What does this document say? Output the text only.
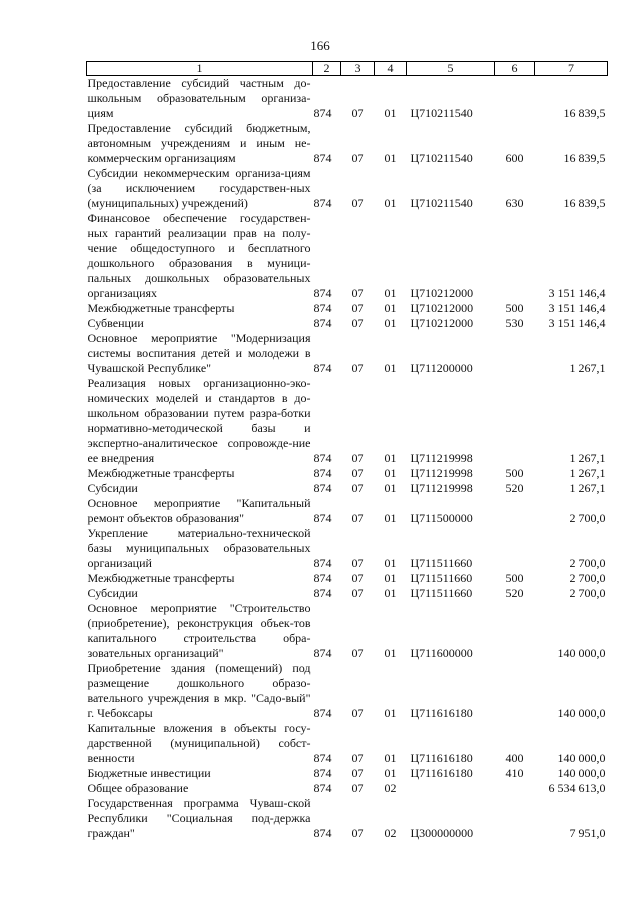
166
1	2	3	4	5	6	7
Предоставление субсидий частным до-школьным образовательным организа-циям	874	07	01	Ц710211540		16 839,5
Предоставление субсидий бюджетным, автономным учреждениям и иным не-коммерческим организациям	874	07	01	Ц710211540	600	16 839,5
Субсидии некоммерческим организа-циям (за исключением государствен-ных (муниципальных) учреждений)	874	07	01	Ц710211540	630	16 839,5
Финансовое обеспечение государствен-ных гарантий реализации прав на полу-чение общедоступного и бесплатного дошкольного образования в муници-пальных дошкольных образовательных организациях	874	07	01	Ц710212000		3 151 146,4
Межбюджетные трансферты	874	07	01	Ц710212000	500	3 151 146,4
Субвенции	874	07	01	Ц710212000	530	3 151 146,4
Основное мероприятие "Модернизация системы воспитания детей и молодежи в Чувашской Республике"	874	07	01	Ц711200000		1 267,1
Реализация новых организационно-эко-номических моделей и стандартов в до-школьном образовании путем разра-ботки нормативно-методической базы и экспертно-аналитическое сопровожде-ние ее внедрения	874	07	01	Ц711219998		1 267,1
Межбюджетные трансферты	874	07	01	Ц711219998	500	1 267,1
Субсидии	874	07	01	Ц711219998	520	1 267,1
Основное мероприятие "Капитальный ремонт объектов образования"	874	07	01	Ц711500000		2 700,0
Укрепление материально-технической базы муниципальных образовательных организаций	874	07	01	Ц711511660		2 700,0
Межбюджетные трансферты	874	07	01	Ц711511660	500	2 700,0
Субсидии	874	07	01	Ц711511660	520	2 700,0
Основное мероприятие "Строительство (приобретение), реконструкция объек-тов капитального строительства обра-зовательных организаций"	874	07	01	Ц711600000		140 000,0
Приобретение здания (помещений) под размещение дошкольного образо-вательного учреждения в мкр. "Садо-вый" г. Чебоксары	874	07	01	Ц711616180		140 000,0
Капитальные вложения в объекты госу-дарственной (муниципальной) собст-венности	874	07	01	Ц711616180	400	140 000,0
Бюджетные инвестиции	874	07	01	Ц711616180	410	140 000,0
Общее образование	874	07	02			6 534 613,0
Государственная программа Чуваш-ской Республики "Социальная под-держка граждан"	874	07	02	Ц300000000		7 951,0
